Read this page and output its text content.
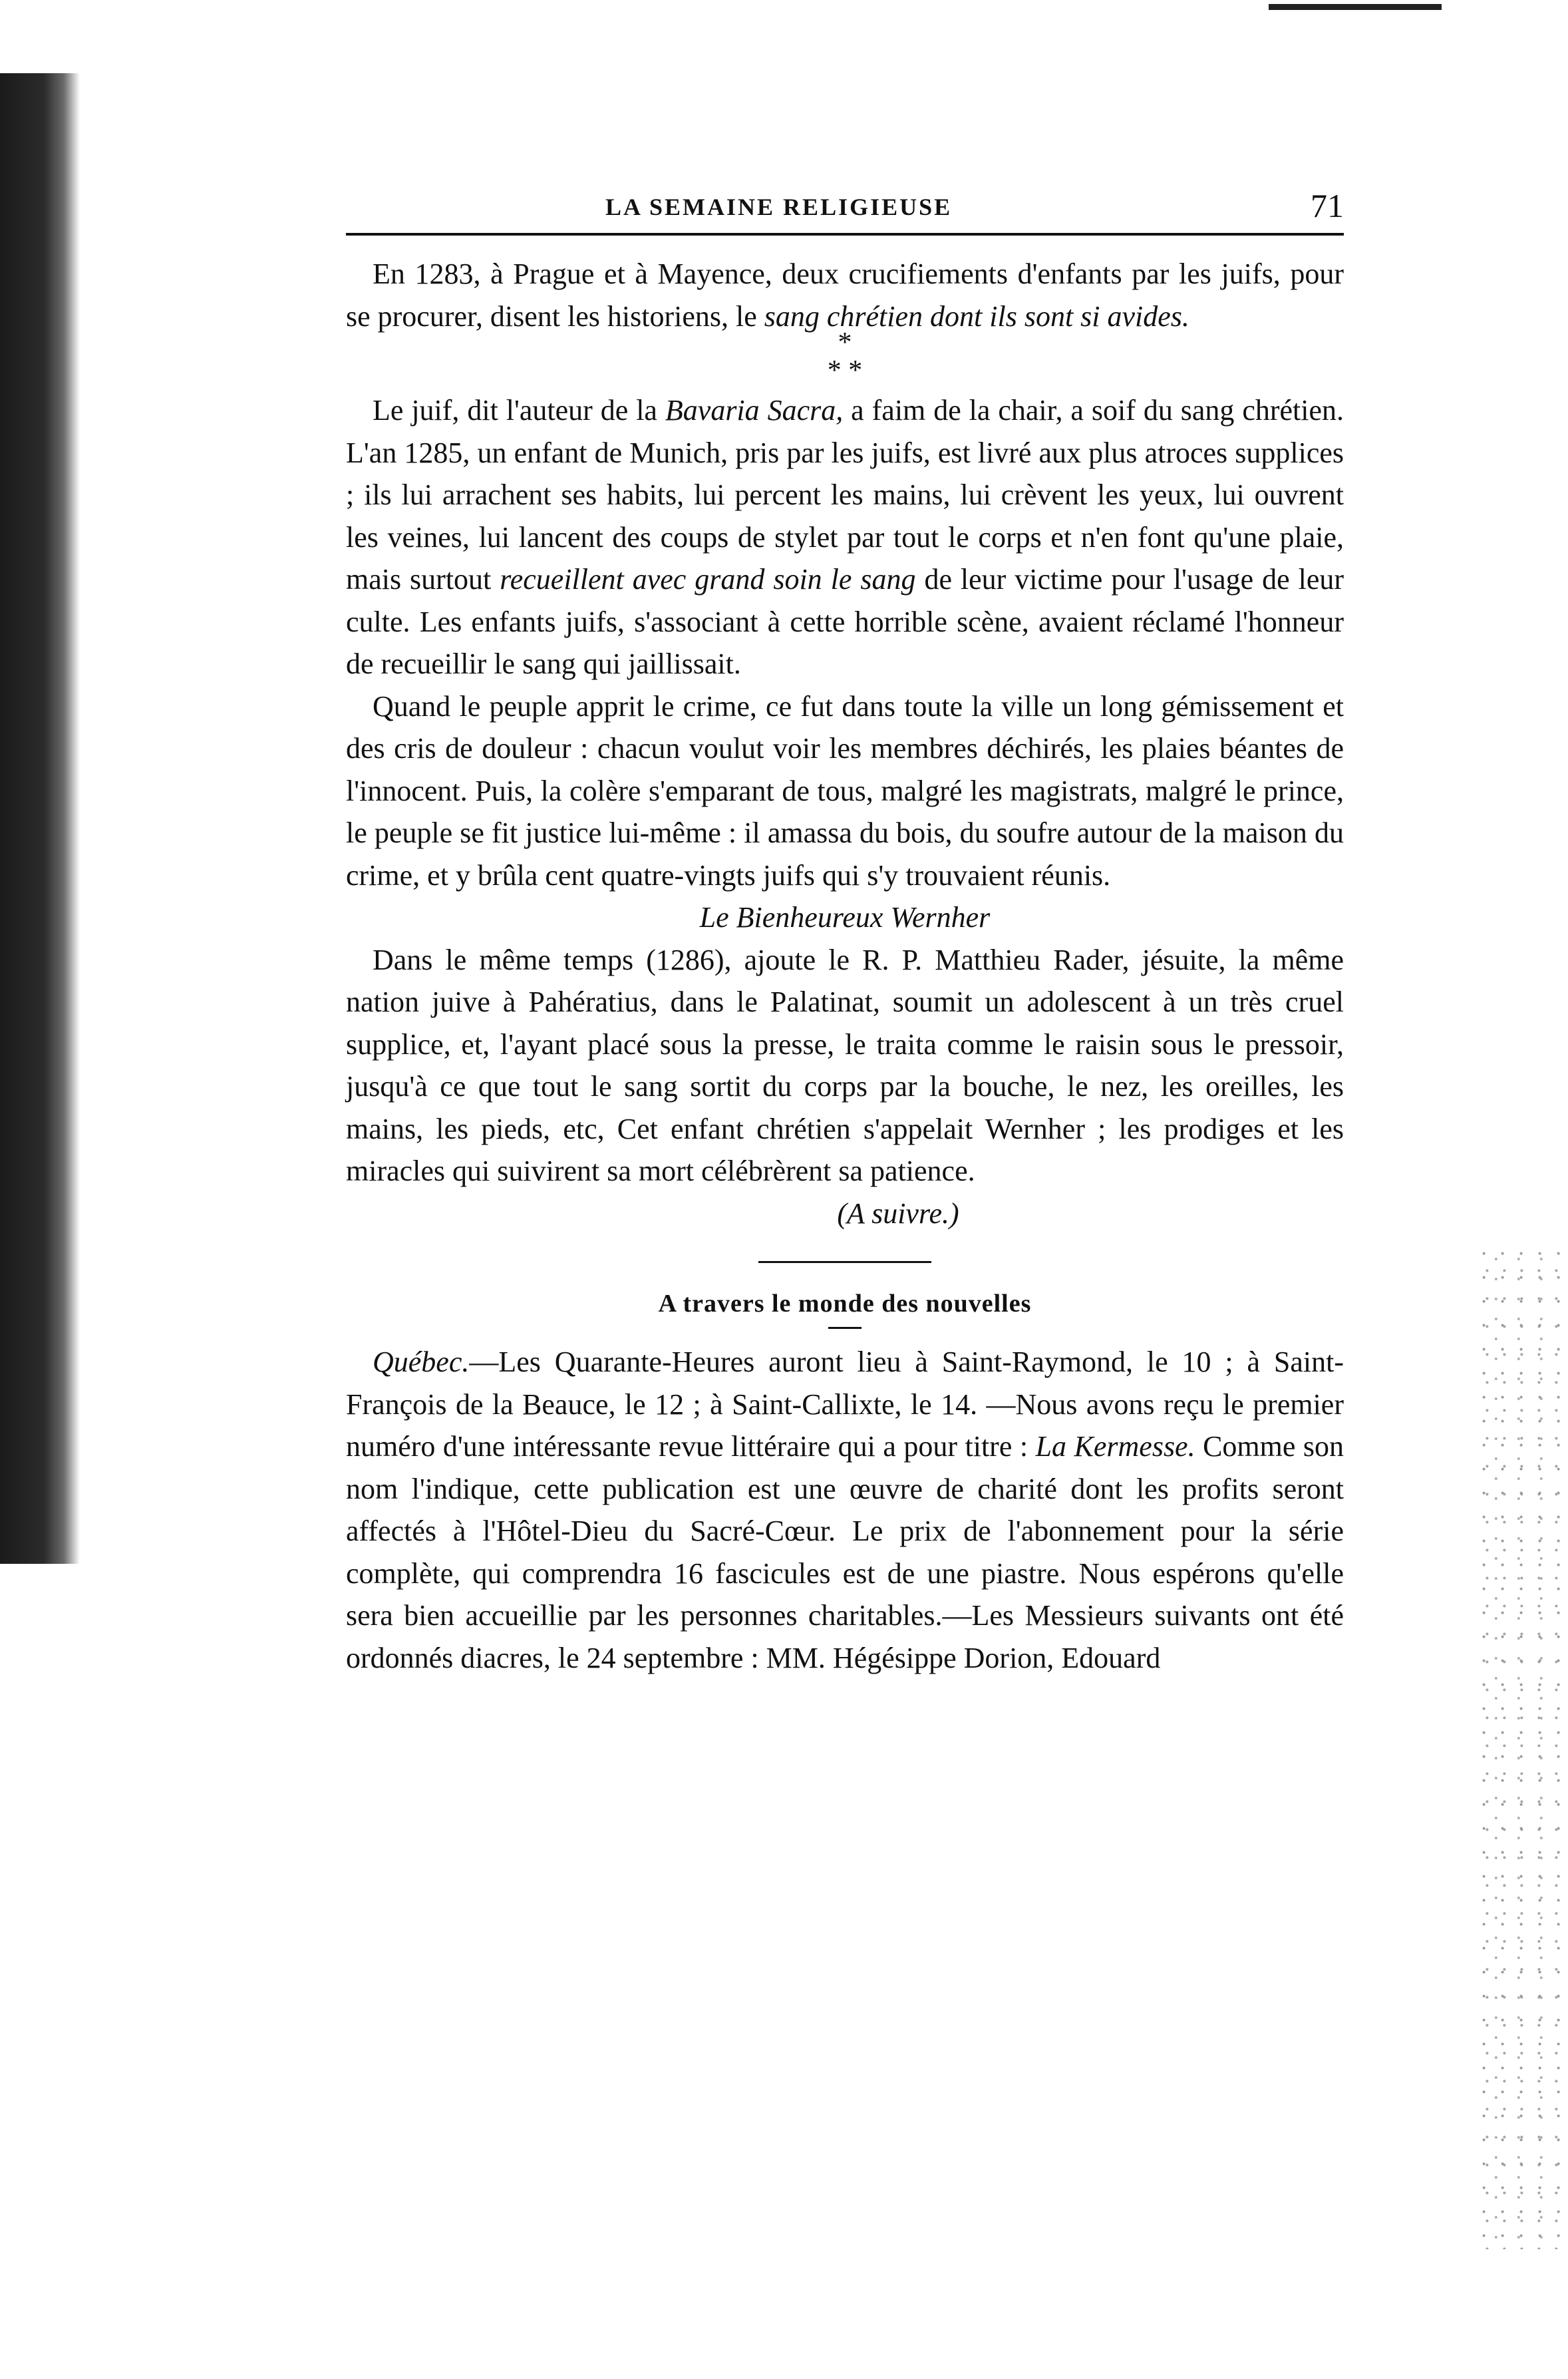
LA SEMAINE RELIGIEUSE	71

En 1283, à Prague et à Mayence, deux crucifiements d'enfants par les juifs, pour se procurer, disent les historiens, le sang chrétien dont ils sont si avides.

*
* *

Le juif, dit l'auteur de la Bavaria Sacra, a faim de la chair, a soif du sang chrétien. L'an 1285, un enfant de Munich, pris par les juifs, est livré aux plus atroces supplices ; ils lui arrachent ses habits, lui percent les mains, lui crèvent les yeux, lui ouvrent les veines, lui lancent des coups de stylet par tout le corps et n'en font qu'une plaie, mais surtout recueillent avec grand soin le sang de leur victime pour l'usage de leur culte. Les enfants juifs, s'associant à cette horrible scène, avaient réclamé l'honneur de recueillir le sang qui jaillissait.

Quand le peuple apprit le crime, ce fut dans toute la ville un long gémissement et des cris de douleur : chacun voulut voir les membres déchirés, les plaies béantes de l'innocent. Puis, la colère s'emparant de tous, malgré les magistrats, malgré le prince, le peuple se fit justice lui-même : il amassa du bois, du soufre autour de la maison du crime, et y brûla cent quatre-vingts juifs qui s'y trouvaient réunis.

Le Bienheureux Wernher

Dans le même temps (1286), ajoute le R. P. Matthieu Rader, jésuite, la même nation juive à Pahératius, dans le Palatinat, soumit un adolescent à un très cruel supplice, et, l'ayant placé sous la presse, le traita comme le raisin sous le pressoir, jusqu'à ce que tout le sang sortit du corps par la bouche, le nez, les oreilles, les mains, les pieds, etc, Cet enfant chrétien s'appelait Wernher ; les prodiges et les miracles qui suivirent sa mort célébrèrent sa patience.

(A suivre.)

A travers le monde des nouvelles

Québec.—Les Quarante-Heures auront lieu à Saint-Raymond, le 10 ; à Saint-François de la Beauce, le 12 ; à Saint-Callixte, le 14. —Nous avons reçu le premier numéro d'une intéressante revue littéraire qui a pour titre : La Kermesse. Comme son nom l'indique, cette publication est une œuvre de charité dont les profits seront affectés à l'Hôtel-Dieu du Sacré-Cœur. Le prix de l'abonnement pour la série complète, qui comprendra 16 fascicules est de une piastre. Nous espérons qu'elle sera bien accueillie par les personnes charitables.—Les Messieurs suivants ont été ordonnés diacres, le 24 septembre : MM. Hégésippe Dorion, Edouard
